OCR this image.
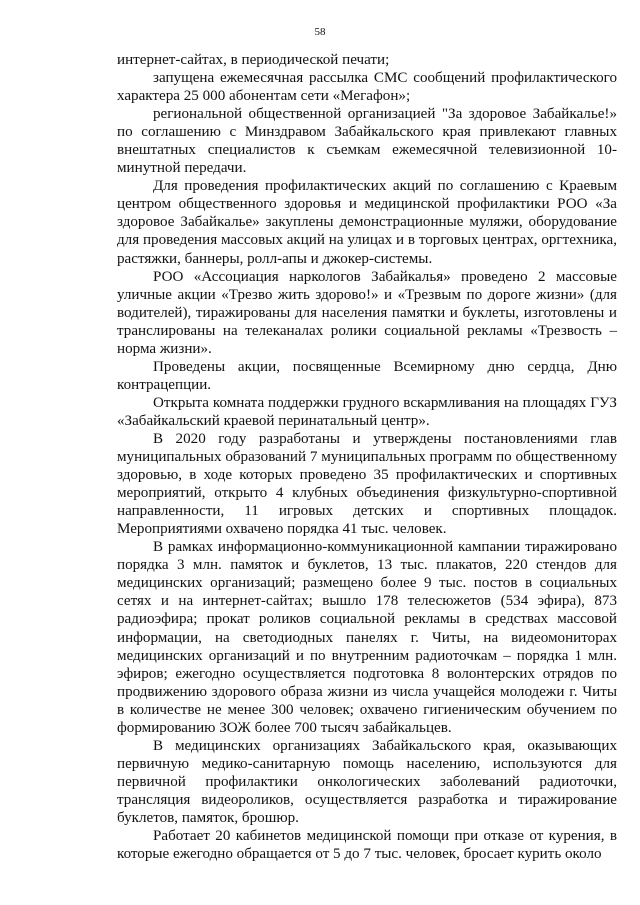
58

интернет-сайтах, в периодической печати;

запущена ежемесячная рассылка СМС сообщений профилактического характера 25 000 абонентам сети «Мегафон»;

региональной общественной организацией "За здоровое Забайкалье!» по соглашению с Минздравом Забайкальского края привлекают главных внештатных специалистов к съемкам ежемесячной телевизионной 10-минутной передачи.

Для проведения профилактических акций по соглашению с Краевым центром общественного здоровья и медицинской профилактики РОО «За здоровое Забайкалье» закуплены демонстрационные муляжи, оборудование для проведения массовых акций на улицах и в торговых центрах, оргтехника, растяжки, баннеры, ролл-апы и джокер-системы.

РОО «Ассоциация наркологов Забайкалья» проведено 2 массовые уличные акции «Трезво жить здорово!» и «Трезвым по дороге жизни» (для водителей), тиражированы для населения памятки и буклеты, изготовлены и транслированы на телеканалах ролики социальной рекламы «Трезвость – норма жизни».

Проведены акции, посвященные Всемирному дню сердца, Дню контрацепции.

Открыта комната поддержки грудного вскармливания на площадях ГУЗ «Забайкальский краевой перинатальный центр».

В 2020 году разработаны и утверждены постановлениями глав муниципальных образований 7 муниципальных программ по общественному здоровью, в ходе которых проведено 35 профилактических и спортивных мероприятий, открыто 4 клубных объединения физкультурно-спортивной направленности, 11 игровых детских и спортивных площадок. Мероприятиями охвачено порядка 41 тыс. человек.

В рамках информационно-коммуникационной кампании тиражировано порядка 3 млн. памяток и буклетов, 13 тыс. плакатов, 220 стендов для медицинских организаций; размещено более 9 тыс. постов в социальных сетях и на интернет-сайтах; вышло 178 телесюжетов (534 эфира), 873 радиоэфира; прокат роликов социальной рекламы в средствах массовой информации, на светодиодных панелях г. Читы, на видеомониторах медицинских организаций и по внутренним радиоточкам – порядка 1 млн. эфиров; ежегодно осуществляется подготовка 8 волонтерских отрядов по продвижению здорового образа жизни из числа учащейся молодежи г. Читы в количестве не менее 300 человек; охвачено гигиеническим обучением по формированию ЗОЖ более 700 тысяч забайкальцев.

В медицинских организациях Забайкальского края, оказывающих первичную медико-санитарную помощь населению, используются для первичной профилактики онкологических заболеваний радиоточки, трансляция видеороликов, осуществляется разработка и тиражирование буклетов, памяток, брошюр.

Работает 20 кабинетов медицинской помощи при отказе от курения, в которые ежегодно обращается от 5 до 7 тыс. человек, бросает курить около
